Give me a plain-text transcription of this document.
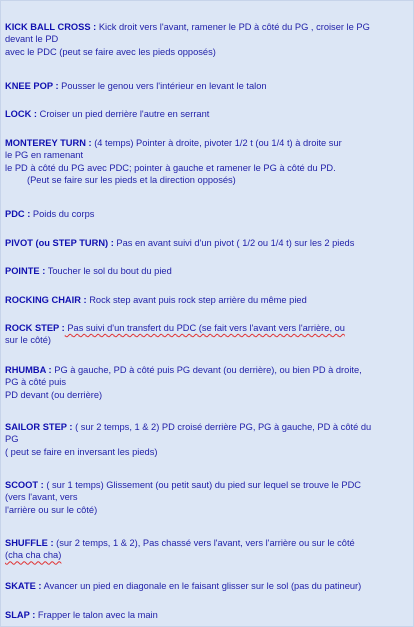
KICK BALL CROSS : Kick droit vers l'avant, ramener le PD à côté du PG , croiser le PG
devant le PD
avec le PDC (peut se faire avec les pieds opposés)
KNEE POP : Pousser le genou vers l'intérieur en levant le talon
LOCK : Croiser un pied derrière l'autre en serrant
MONTEREY TURN : (4 temps) Pointer à droite, pivoter 1/2 t (ou 1/4 t) à droite sur
le PG en ramenant
le PD à côté du PG avec PDC; pointer à gauche et ramener le PG à côté du PD.
(Peut se faire sur les pieds et la direction opposés)
PDC : Poids du corps
PIVOT (ou STEP TURN) : Pas en avant suivi d'un pivot ( 1/2 ou 1/4 t) sur les 2 pieds
POINTE : Toucher le sol du bout du pied
ROCKING CHAIR : Rock step avant puis rock step arrière du même pied
ROCK STEP : Pas suivi d'un transfert du PDC (se fait vers l'avant vers l'arrière, ou
sur le côté)
RHUMBA : PG à gauche, PD à côté puis PG devant (ou derrière), ou bien PD à droite,
PG à côté puis
PD devant (ou derrière)
SAILOR STEP : ( sur 2 temps, 1 & 2) PD croisé derrière PG, PG à gauche, PD à côté du
PG
( peut se faire en inversant les pieds)
SCOOT : ( sur 1 temps) Glissement (ou petit saut) du pied sur lequel se trouve le PDC
(vers l'avant, vers
l'arrière ou sur le côté)
SHUFFLE : (sur 2 temps, 1 & 2), Pas chassé vers l'avant, vers l'arrière ou sur le côté
(cha cha cha)
SKATE : Avancer un pied en diagonale en le faisant glisser sur le sol (pas du patineur)
SLAP : Frapper le talon avec la main
